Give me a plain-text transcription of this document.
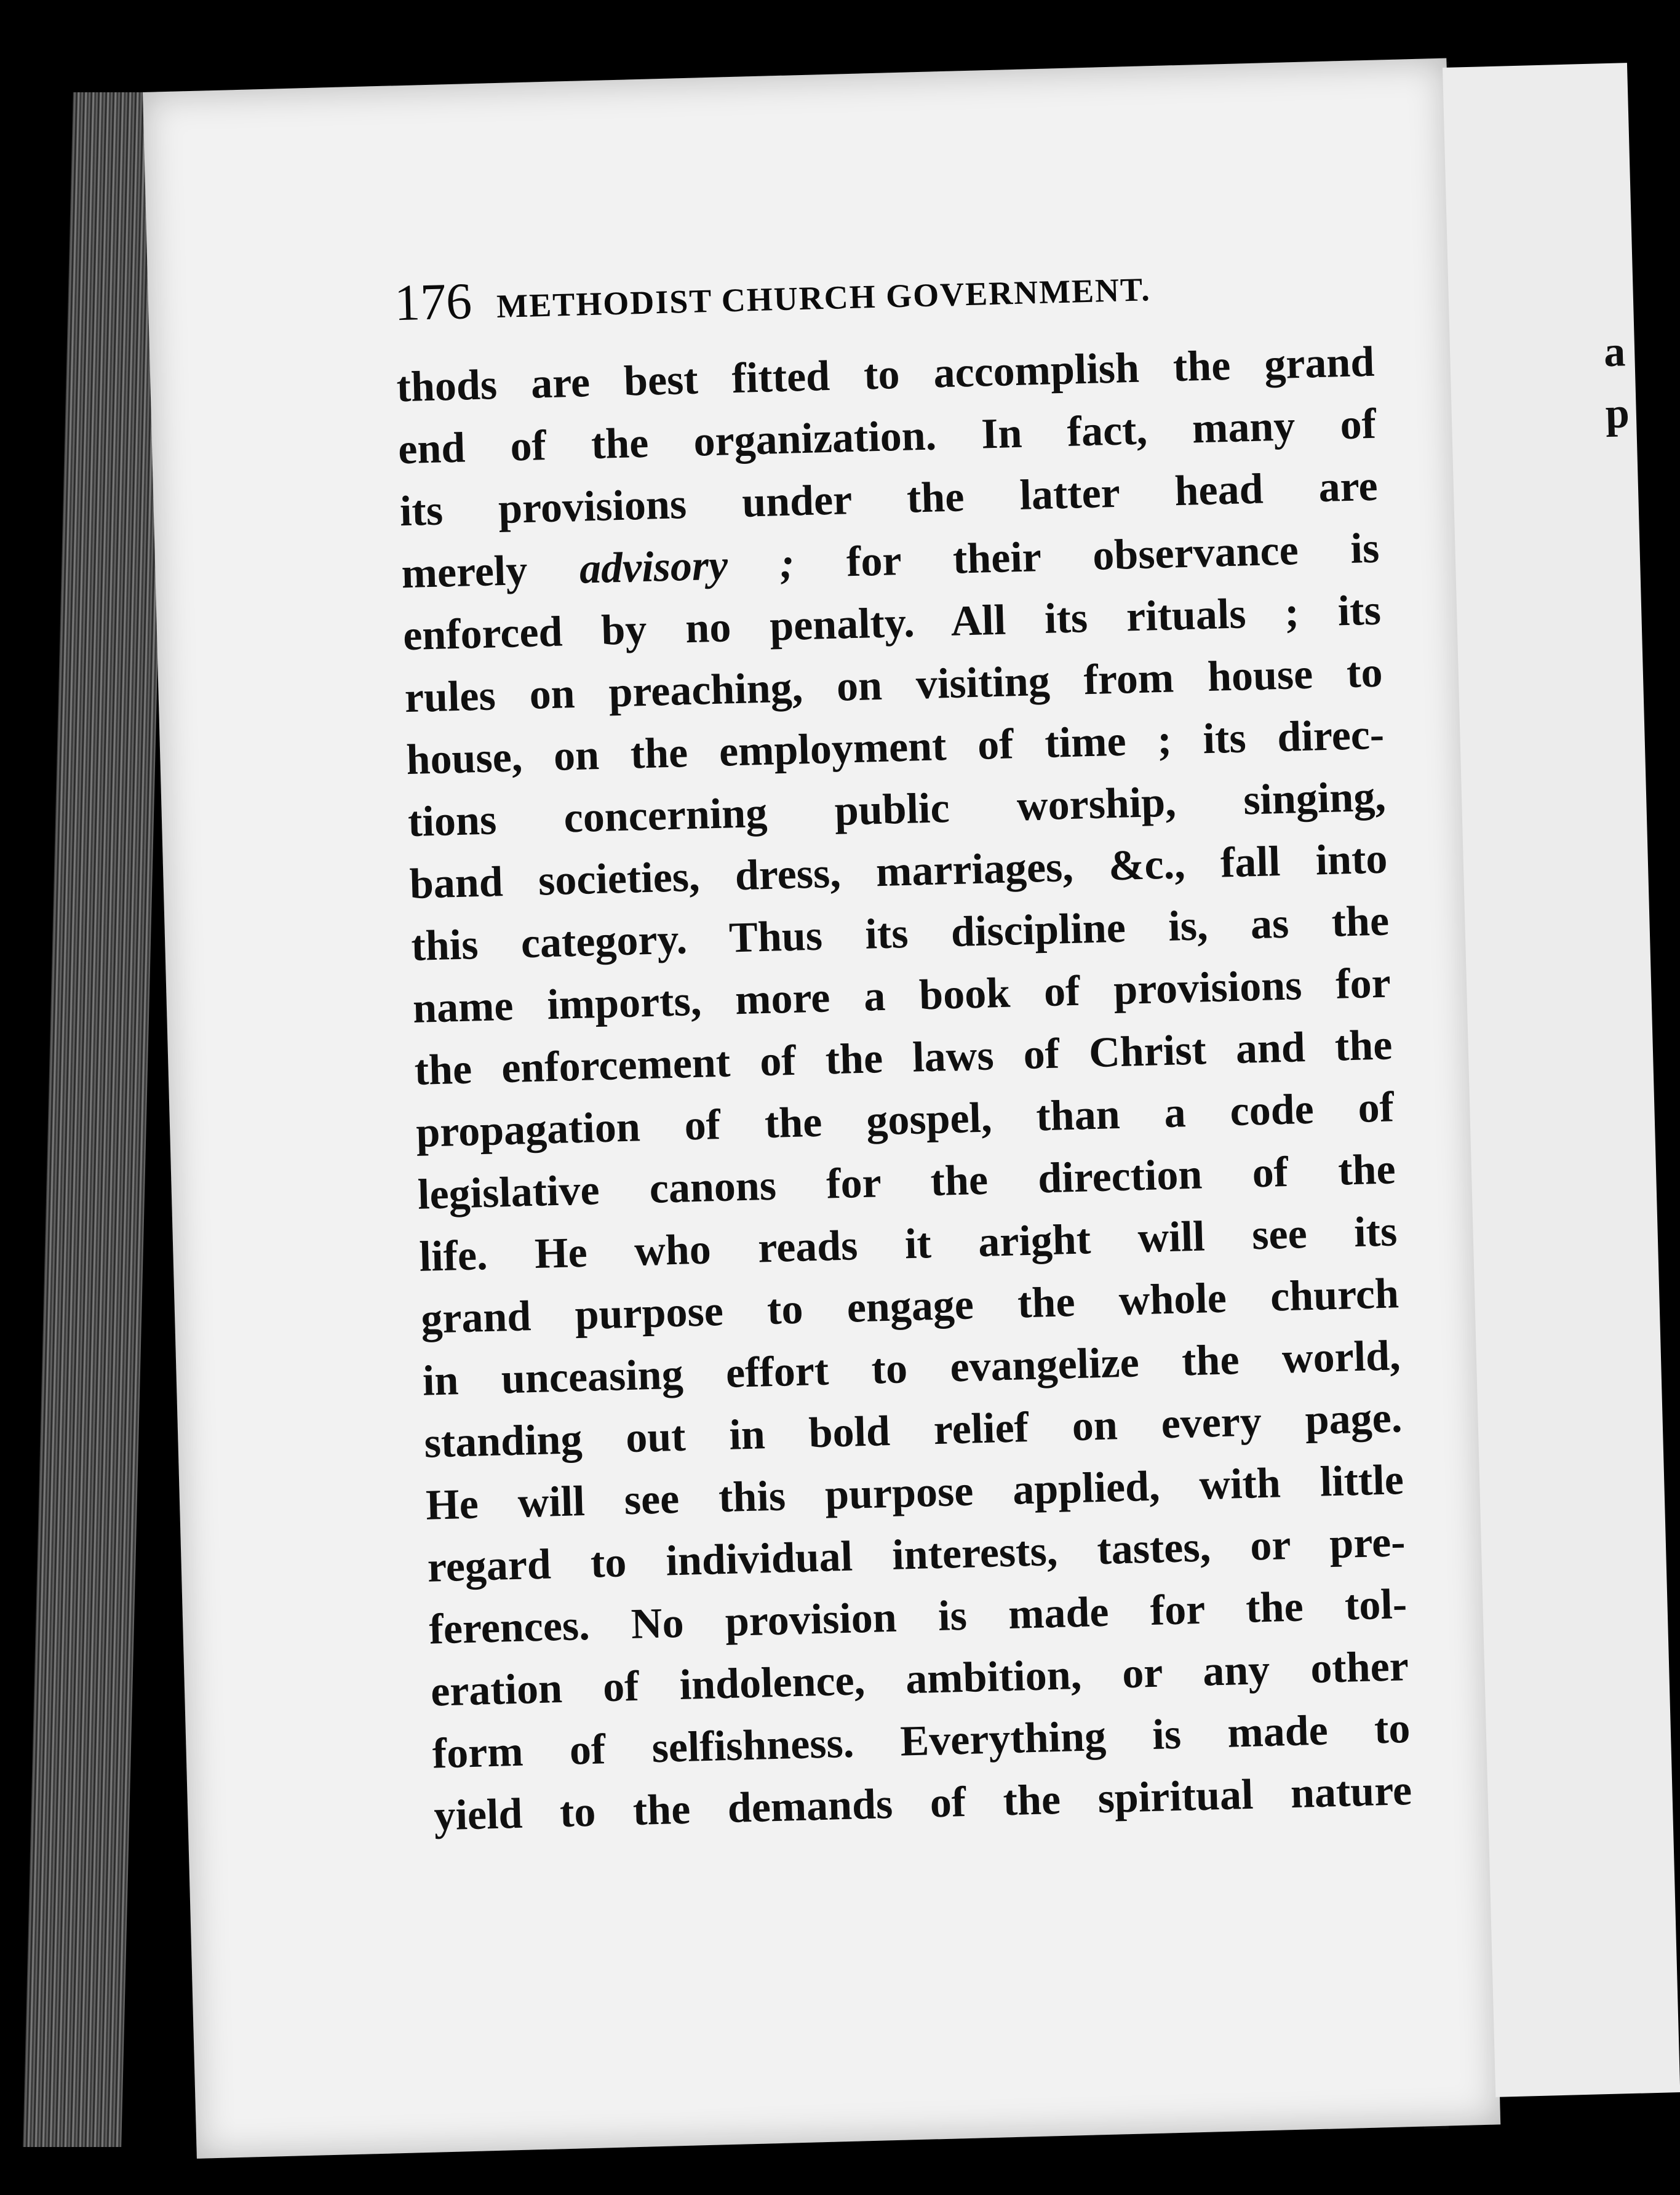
176 METHODIST CHURCH GOVERNMENT.
thods are best fitted to accomplish the grand
end of the organization. In fact, many of
its provisions under the latter head are
merely advisory ; for their observance is
enforced by no penalty. All its rituals ; its
rules on preaching, on visiting from house to
house, on the employment of time ; its direc-
tions concerning public worship, singing,
band societies, dress, marriages, &c., fall into
this category. Thus its discipline is, as the
name imports, more a book of provisions for
the enforcement of the laws of Christ and the
propagation of the gospel, than a code of
legislative canons for the direction of the
life. He who reads it aright will see its
grand purpose to engage the whole church
in unceasing effort to evangelize the world,
standing out in bold relief on every page.
He will see this purpose applied, with little
regard to individual interests, tastes, or pre-
ferences. No provision is made for the tol-
eration of indolence, ambition, or any other
form of selfishness. Everything is made to
yield to the demands of the spiritual nature
a
p
